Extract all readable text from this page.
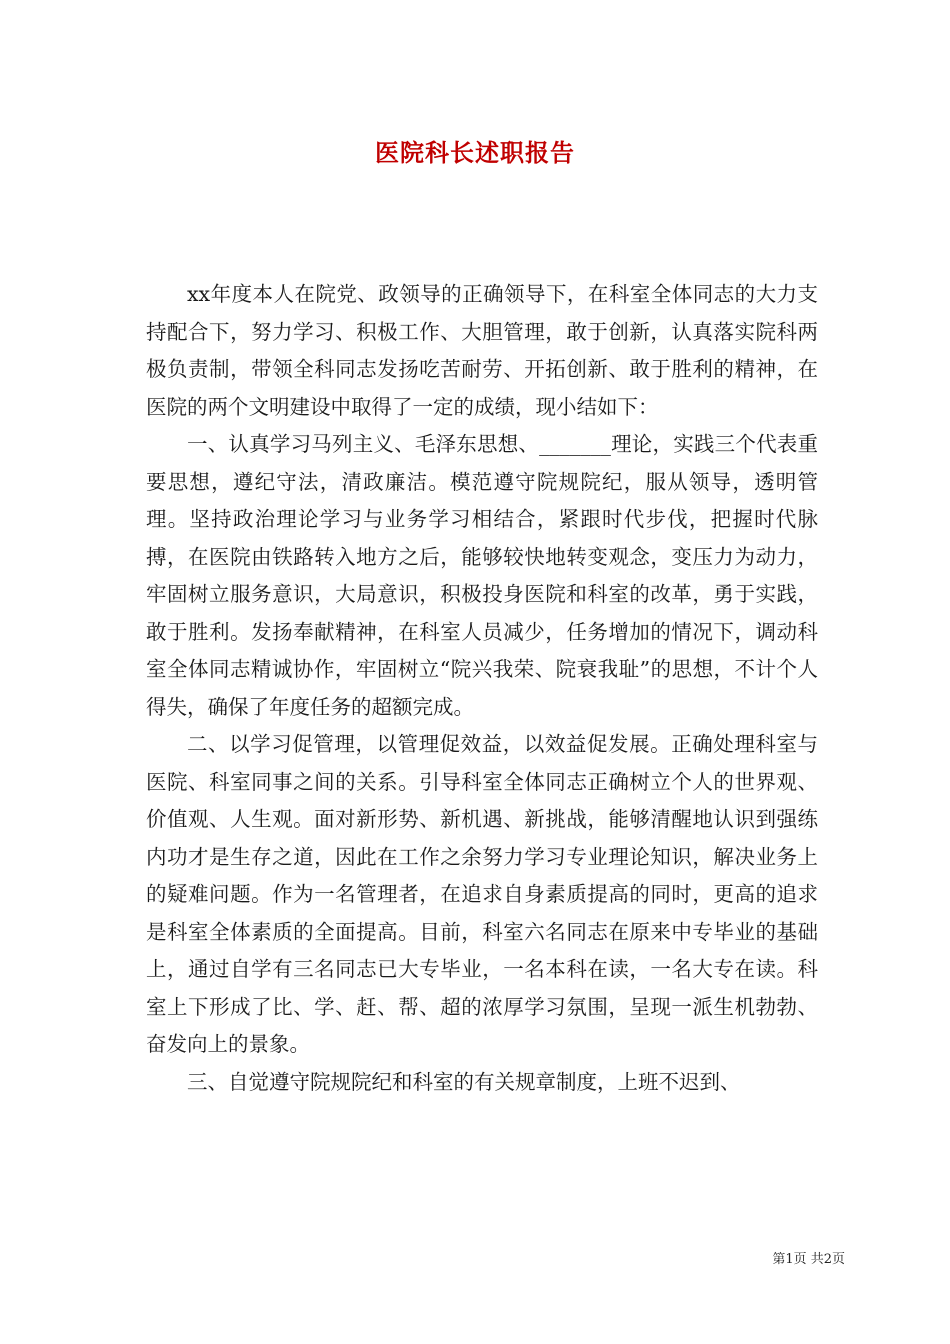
医院科长述职报告

xx年度本人在院党、政领导的正确领导下，在科室全体同志的大力支持配合下，努力学习、积极工作、大胆管理，敢于创新，认真落实院科两极负责制，带领全科同志发扬吃苦耐劳、开拓创新、敢于胜利的精神，在医院的两个文明建设中取得了一定的成绩，现小结如下：

一、认真学习马列主义、毛泽东思想、_______理论，实践三个代表重要思想，遵纪守法，清政廉洁。模范遵守院规院纪，服从领导，透明管理。坚持政治理论学习与业务学习相结合，紧跟时代步伐，把握时代脉搏，在医院由铁路转入地方之后，能够较快地转变观念，变压力为动力，牢固树立服务意识，大局意识，积极投身医院和科室的改革，勇于实践，敢于胜利。发扬奉献精神，在科室人员减少，任务增加的情况下，调动科室全体同志精诚协作，牢固树立“院兴我荣、院衰我耻”的思想，不计个人得失，确保了年度任务的超额完成。

二、以学习促管理，以管理促效益，以效益促发展。正确处理科室与医院、科室同事之间的关系。引导科室全体同志正确树立个人的世界观、价值观、人生观。面对新形势、新机遇、新挑战，能够清醒地认识到强练内功才是生存之道，因此在工作之余努力学习专业理论知识，解决业务上的疑难问题。作为一名管理者，在追求自身素质提高的同时，更高的追求是科室全体素质的全面提高。目前，科室六名同志在原来中专毕业的基础上，通过自学有三名同志已大专毕业，一名本科在读，一名大专在读。科室上下形成了比、学、赶、帮、超的浓厚学习氛围，呈现一派生机勃勃、奋发向上的景象。

三、自觉遵守院规院纪和科室的有关规章制度，上班不迟到、

第1页 共2页
